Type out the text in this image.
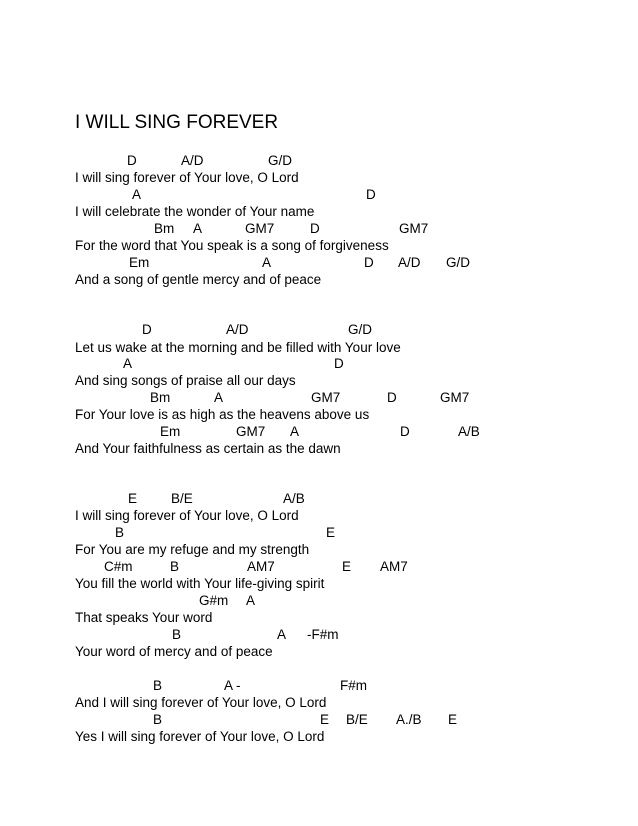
I WILL SING FOREVER
D	A/D	G/D
I will sing forever of Your love, O Lord
A	D
I will celebrate the wonder of Your name
Bm A	GM7	D	GM7
For the word that You speak is a song of forgiveness
Em	A	D A/D G/D
And a song of gentle mercy and of peace
D	A/D	G/D
Let us wake at the morning and be filled with Your love
A	D
And sing songs of praise all our days
Bm	A	GM7	D	GM7
For Your love is as high as the heavens above us
Em	GM7 A	D	A/B
And Your faithfulness as certain as the dawn
E	B/E	A/B
I will sing forever of Your love, O Lord
B	E
For You are my refuge and my strength
C#m	B	AM7	E AM7
You fill the world with Your life-giving spirit
G#m A
That speaks Your word
B	A -F#m
Your word of mercy and of peace
B	A -	F#m
And I will sing forever of Your love, O Lord
B	E B/E A./B E
Yes I will sing forever of Your love, O Lord
